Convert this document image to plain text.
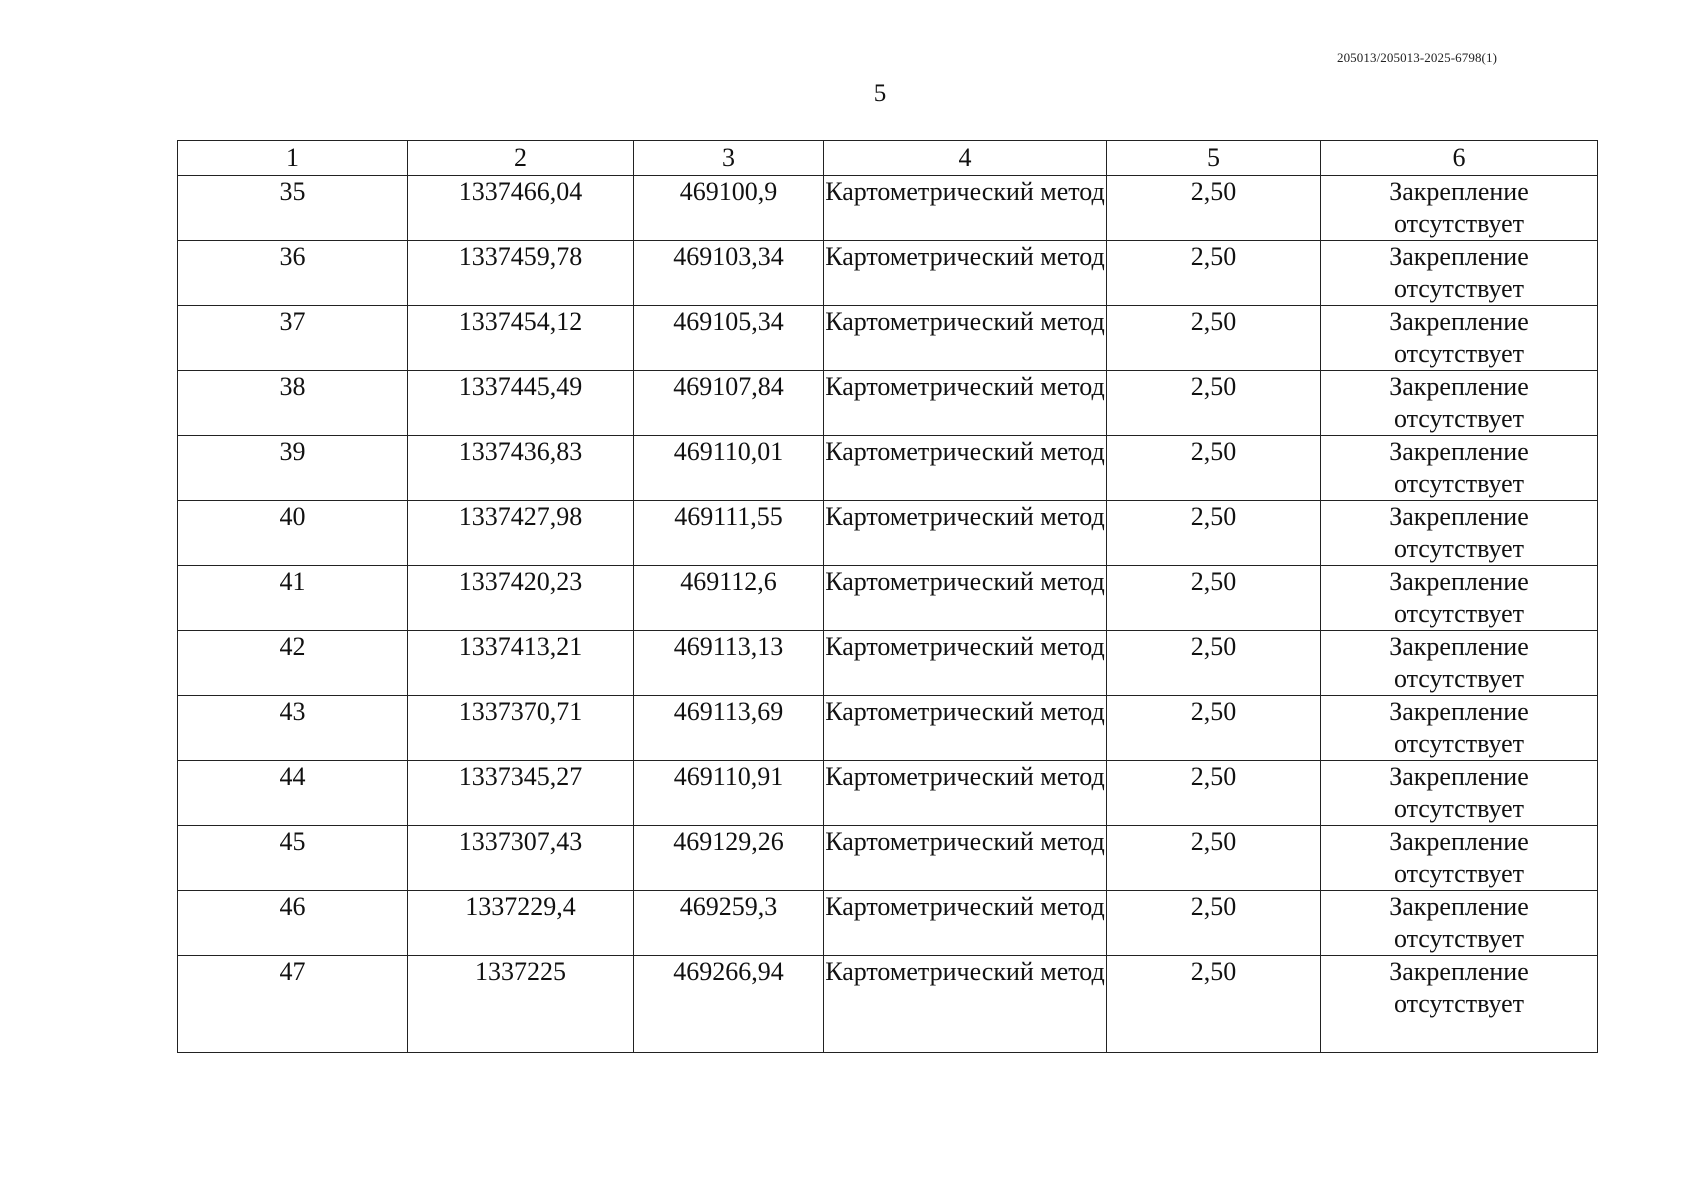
205013/205013-2025-6798(1)
5
1	2	3	4	5	6
35	1337466,04	469100,9	Картометрический метод	2,50	Закрепление отсутствует
36	1337459,78	469103,34	Картометрический метод	2,50	Закрепление отсутствует
37	1337454,12	469105,34	Картометрический метод	2,50	Закрепление отсутствует
38	1337445,49	469107,84	Картометрический метод	2,50	Закрепление отсутствует
39	1337436,83	469110,01	Картометрический метод	2,50	Закрепление отсутствует
40	1337427,98	469111,55	Картометрический метод	2,50	Закрепление отсутствует
41	1337420,23	469112,6	Картометрический метод	2,50	Закрепление отсутствует
42	1337413,21	469113,13	Картометрический метод	2,50	Закрепление отсутствует
43	1337370,71	469113,69	Картометрический метод	2,50	Закрепление отсутствует
44	1337345,27	469110,91	Картометрический метод	2,50	Закрепление отсутствует
45	1337307,43	469129,26	Картометрический метод	2,50	Закрепление отсутствует
46	1337229,4	469259,3	Картометрический метод	2,50	Закрепление отсутствует
47	1337225	469266,94	Картометрический метод	2,50	Закрепление отсутствует
